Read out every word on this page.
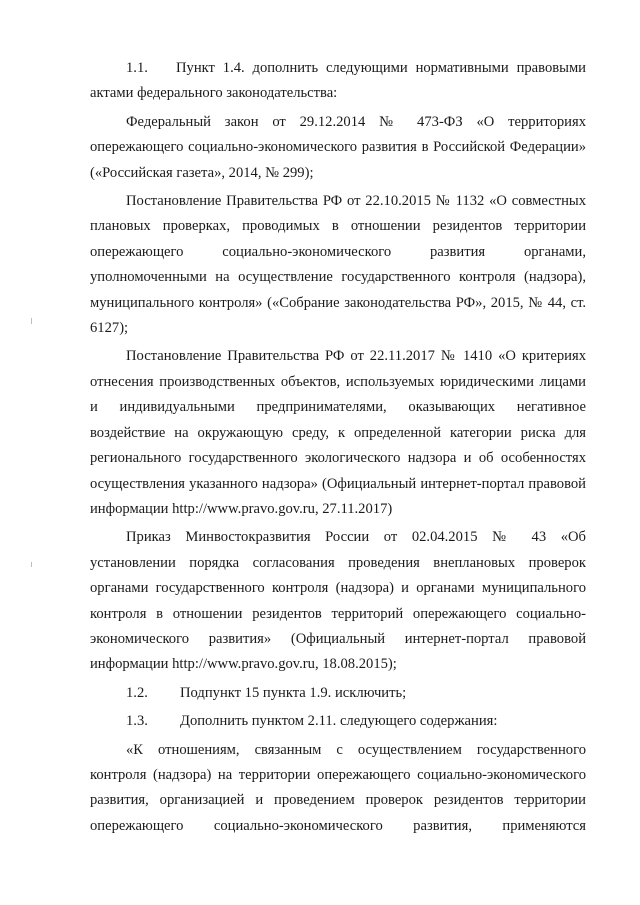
1.1. Пункт 1.4. дополнить следующими нормативными правовыми актами федерального законодательства:

Федеральный закон от 29.12.2014 № 473-ФЗ «О территориях опережающего социально-экономического развития в Российской Федерации» («Российская газета», 2014, № 299);

Постановление Правительства РФ от 22.10.2015 № 1132 «О совместных плановых проверках, проводимых в отношении резидентов территории опережающего социально-экономического развития органами, уполномоченными на осуществление государственного контроля (надзора), муниципального контроля» («Собрание законодательства РФ», 2015, № 44, ст. 6127);

Постановление Правительства РФ от 22.11.2017 № 1410 «О критериях отнесения производственных объектов, используемых юридическими лицами и индивидуальными предпринимателями, оказывающих негативное воздействие на окружающую среду, к определенной категории риска для регионального государственного экологического надзора и об особенностях осуществления указанного надзора» (Официальный интернет-портал правовой информации http://www.pravo.gov.ru, 27.11.2017)

Приказ Минвостокразвития России от 02.04.2015 № 43 «Об установлении порядка согласования проведения внеплановых проверок органами государственного контроля (надзора) и органами муниципального контроля в отношении резидентов территорий опережающего социально-экономического развития» (Официальный интернет-портал правовой информации http://www.pravo.gov.ru, 18.08.2015);

1.2. Подпункт 15 пункта 1.9. исключить;

1.3. Дополнить пунктом 2.11. следующего содержания:

«К отношениям, связанным с осуществлением государственного контроля (надзора) на территории опережающего социально-экономического развития, организацией и проведением проверок резидентов территории опережающего социально-экономического развития, применяются
